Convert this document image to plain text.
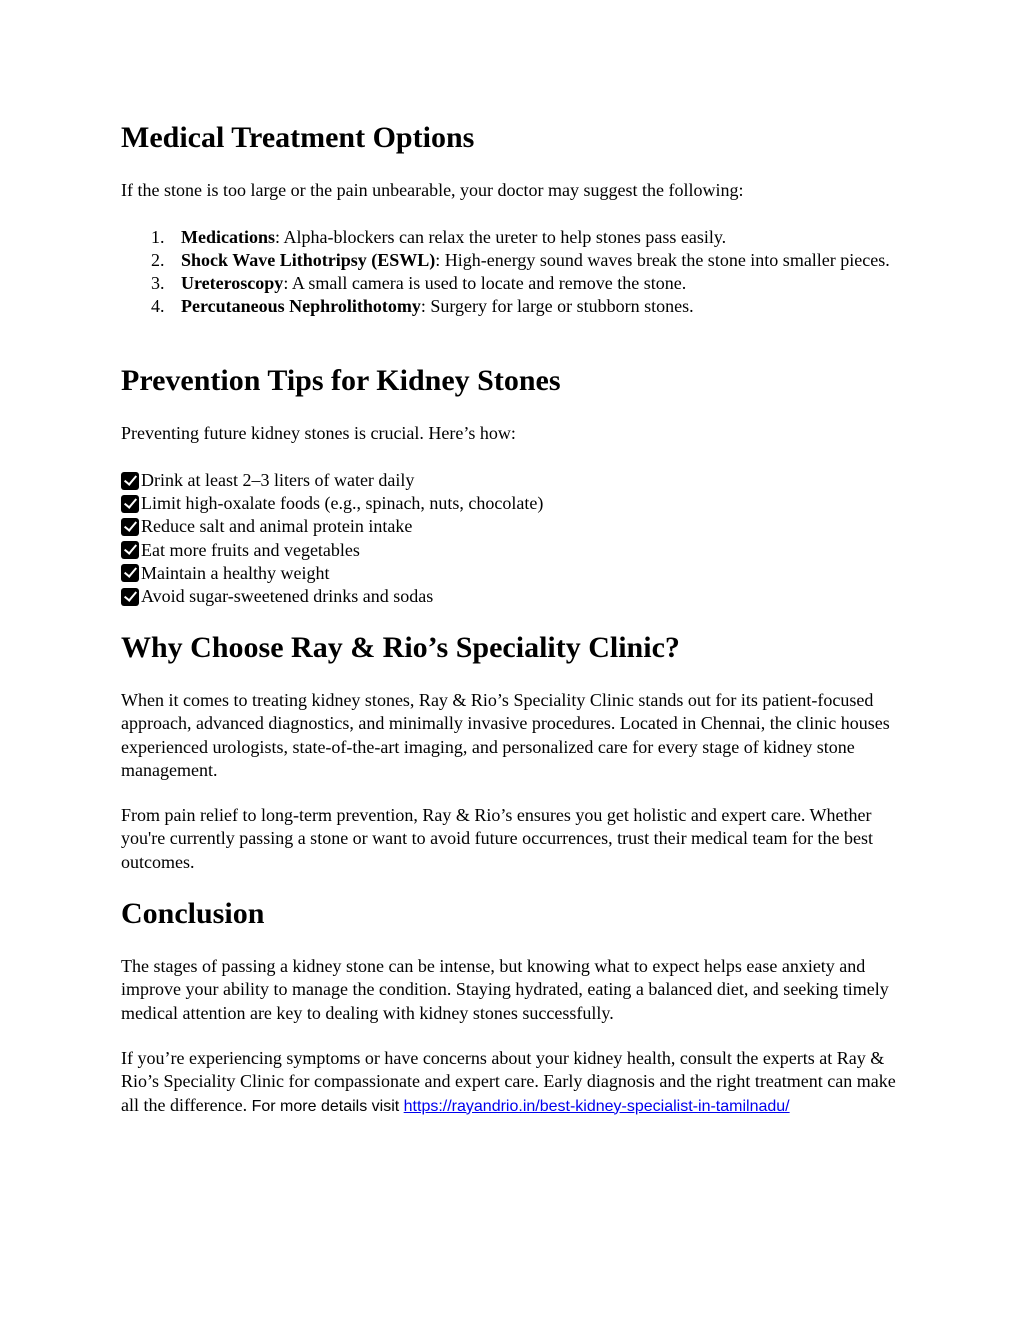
Medical Treatment Options

If the stone is too large or the pain unbearable, your doctor may suggest the following:

1. Medications: Alpha-blockers can relax the ureter to help stones pass easily.
2. Shock Wave Lithotripsy (ESWL): High-energy sound waves break the stone into smaller pieces.
3. Ureteroscopy: A small camera is used to locate and remove the stone.
4. Percutaneous Nephrolithotomy: Surgery for large or stubborn stones.
Prevention Tips for Kidney Stones

Preventing future kidney stones is crucial. Here’s how:

Drink at least 2–3 liters of water daily
Limit high-oxalate foods (e.g., spinach, nuts, chocolate)
Reduce salt and animal protein intake
Eat more fruits and vegetables
Maintain a healthy weight
Avoid sugar-sweetened drinks and sodas
Why Choose Ray & Rio’s Speciality Clinic?

When it comes to treating kidney stones, Ray & Rio’s Speciality Clinic stands out for its patient-focused approach, advanced diagnostics, and minimally invasive procedures. Located in Chennai, the clinic houses experienced urologists, state-of-the-art imaging, and personalized care for every stage of kidney stone management.

From pain relief to long-term prevention, Ray & Rio’s ensures you get holistic and expert care. Whether you're currently passing a stone or want to avoid future occurrences, trust their medical team for the best outcomes.

Conclusion

The stages of passing a kidney stone can be intense, but knowing what to expect helps ease anxiety and improve your ability to manage the condition. Staying hydrated, eating a balanced diet, and seeking timely medical attention are key to dealing with kidney stones successfully.

If you’re experiencing symptoms or have concerns about your kidney health, consult the experts at Ray & Rio’s Speciality Clinic for compassionate and expert care. Early diagnosis and the right treatment can make all the difference. For more details visit https://rayandrio.in/best-kidney-specialist-in-tamilnadu/
